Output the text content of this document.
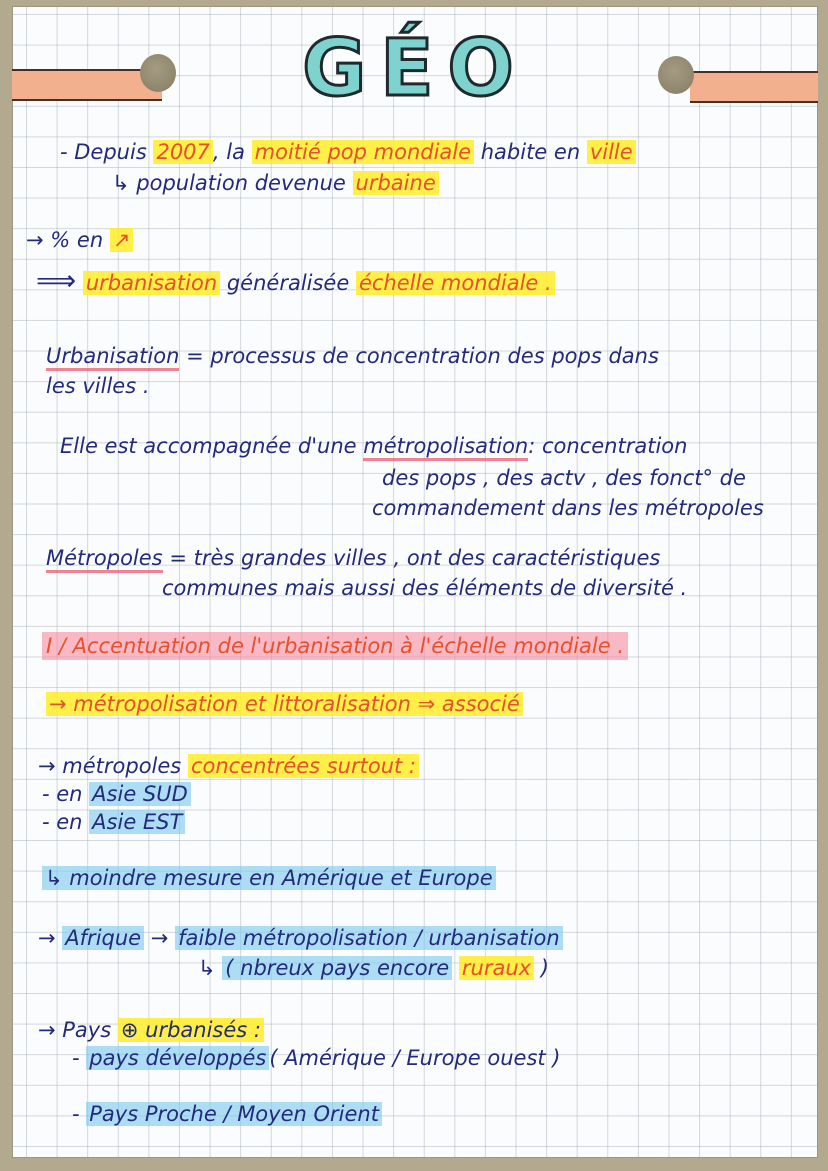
GÉO
- Depuis 2007 , la moitié pop mondiale habite en ville
↳ population devenue urbaine
→ % en ↗
⟹ urbanisation généralisée échelle mondiale .
Urbanisation = processus de concentration des pops dans
les villes .
Elle est accompagnée d'une métropolisation: concentration
des pops , des actv , des fonct° de
commandement dans les métropoles
Métropoles = très grandes villes , ont des caractéristiques
communes mais aussi des éléments de diversité .
I / Accentuation de l'urbanisation à l'échelle mondiale .
→ métropolisation et littoralisation ⇒ associé
→ métropoles concentrées surtout :
- en Asie SUD
- en Asie EST
↳ moindre mesure en Amérique et Europe
→ Afrique → faible métropolisation / urbanisation
↳ ( nbreux pays encore ruraux )
→ Pays ⊕ urbanisés :
- pays développés ( Amérique / Europe ouest )
- Pays Proche / Moyen Orient
